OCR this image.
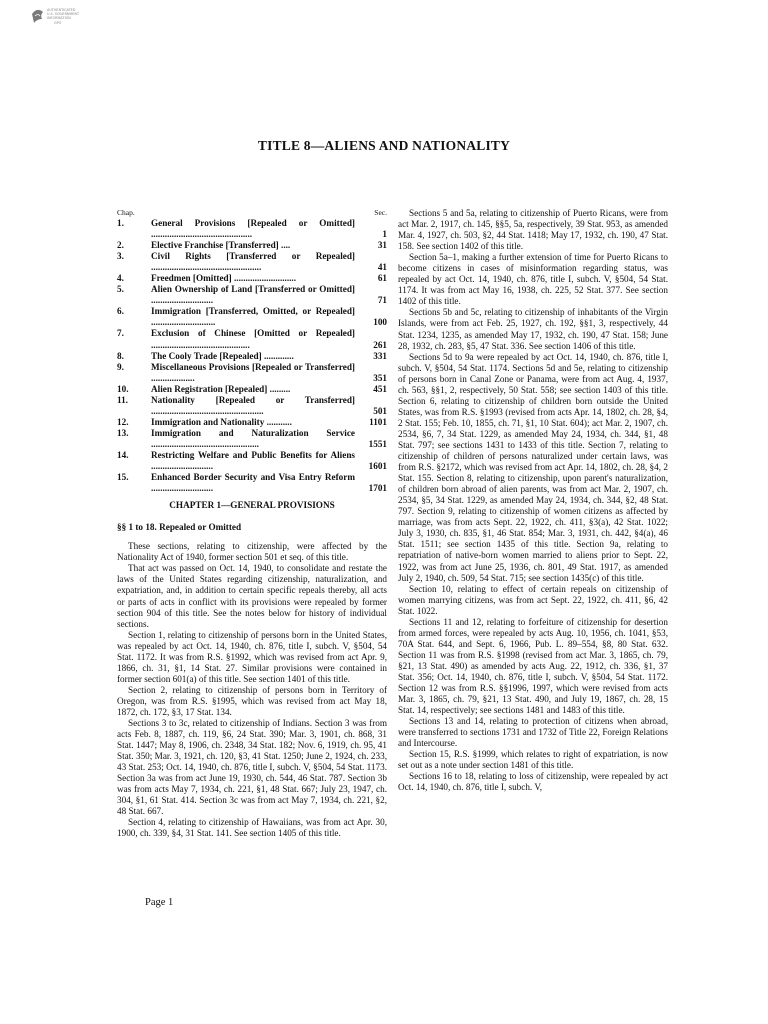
AUTHENTICATED
U.S. GOVERNMENT
INFORMATION
GPO
TITLE 8—ALIENS AND NATIONALITY
Chap.	Sec.
1.	General Provisions [Repealed or Omitted] ............................................	1
2.	Elective Franchise [Transferred] ....	31
3.	Civil Rights [Transferred or Repealed] ................................................	41
4.	Freedmen [Omitted] ...........................	61
5.	Alien Ownership of Land [Transferred or Omitted] ...........................	71
6.	Immigration [Transferred, Omitted, or Repealed] ............................	100
7.	Exclusion of Chinese [Omitted or Repealed] ...........................................	261
8.	The Cooly Trade [Repealed] .............	331
9.	Miscellaneous Provisions [Repealed or Transferred] ...................	351
10.	Alien Registration [Repealed] .........	451
11.	Nationality [Repealed or Transferred] .................................................	501
12.	Immigration and Nationality ...........	1101
13.	Immigration and Naturalization Service ...............................................	1551
14.	Restricting Welfare and Public Benefits for Aliens ...........................	1601
15.	Enhanced Border Security and Visa Entry Reform ...........................	1701
CHAPTER 1—GENERAL PROVISIONS
§§ 1 to 18. Repealed or Omitted

These sections, relating to citizenship, were affected by the Nationality Act of 1940, former section 501 et seq. of this title.

That act was passed on Oct. 14, 1940, to consolidate and restate the laws of the United States regarding citizenship, naturalization, and expatriation, and, in addition to certain specific repeals thereby, all acts or parts of acts in conflict with its provisions were repealed by former section 904 of this title. See the notes below for history of individual sections.

Section 1, relating to citizenship of persons born in the United States, was repealed by act Oct. 14, 1940, ch. 876, title I, subch. V, §504, 54 Stat. 1172. It was from R.S. §1992, which was revised from act Apr. 9, 1866, ch. 31, §1, 14 Stat. 27. Similar provisions were contained in former section 601(a) of this title. See section 1401 of this title.

Section 2, relating to citizenship of persons born in Territory of Oregon, was from R.S. §1995, which was revised from act May 18, 1872, ch. 172, §3, 17 Stat. 134.

Sections 3 to 3c, related to citizenship of Indians. Section 3 was from acts Feb. 8, 1887, ch. 119, §6, 24 Stat. 390; Mar. 3, 1901, ch. 868, 31 Stat. 1447; May 8, 1906, ch. 2348, 34 Stat. 182; Nov. 6, 1919, ch. 95, 41 Stat. 350; Mar. 3, 1921, ch. 120, §3, 41 Stat. 1250; June 2, 1924, ch. 233, 43 Stat. 253; Oct. 14, 1940, ch. 876, title I, subch. V, §504, 54 Stat. 1173. Section 3a was from act June 19, 1930, ch. 544, 46 Stat. 787. Section 3b was from acts May 7, 1934, ch. 221, §1, 48 Stat. 667; July 23, 1947, ch. 304, §1, 61 Stat. 414. Section 3c was from act May 7, 1934, ch. 221, §2, 48 Stat. 667.

Section 4, relating to citizenship of Hawaiians, was from act Apr. 30, 1900, ch. 339, §4, 31 Stat. 141. See section 1405 of this title.

Sections 5 and 5a, relating to citizenship of Puerto Ricans, were from act Mar. 2, 1917, ch. 145, §§5, 5a, respectively, 39 Stat. 953, as amended Mar. 4, 1927, ch. 503, §2, 44 Stat. 1418; May 17, 1932, ch. 190, 47 Stat. 158. See section 1402 of this title.

Section 5a–1, making a further extension of time for Puerto Ricans to become citizens in cases of misinformation regarding status, was repealed by act Oct. 14, 1940, ch. 876, title I, subch. V, §504, 54 Stat. 1174. It was from act May 16, 1938, ch. 225, 52 Stat. 377. See section 1402 of this title.

Sections 5b and 5c, relating to citizenship of inhabitants of the Virgin Islands, were from act Feb. 25, 1927, ch. 192, §§1, 3, respectively, 44 Stat. 1234, 1235, as amended May 17, 1932, ch. 190, 47 Stat. 158; June 28, 1932, ch. 283, §5, 47 Stat. 336. See section 1406 of this title.

Sections 5d to 9a were repealed by act Oct. 14, 1940, ch. 876, title I, subch. V, §504, 54 Stat. 1174. Sections 5d and 5e, relating to citizenship of persons born in Canal Zone or Panama, were from act Aug. 4, 1937, ch. 563, §§1, 2, respectively, 50 Stat. 558; see section 1403 of this title. Section 6, relating to citizenship of children born outside the United States, was from R.S. §1993 (revised from acts Apr. 14, 1802, ch. 28, §4, 2 Stat. 155; Feb. 10, 1855, ch. 71, §1, 10 Stat. 604); act Mar. 2, 1907, ch. 2534, §6, 7, 34 Stat. 1229, as amended May 24, 1934, ch. 344, §1, 48 Stat. 797; see sections 1431 to 1433 of this title. Section 7, relating to citizenship of children of persons naturalized under certain laws, was from R.S. §2172, which was revised from act Apr. 14, 1802, ch. 28, §4, 2 Stat. 155. Section 8, relating to citizenship, upon parent's naturalization, of children born abroad of alien parents, was from act Mar. 2, 1907, ch. 2534, §5, 34 Stat. 1229, as amended May 24, 1934, ch. 344, §2, 48 Stat. 797. Section 9, relating to citizenship of women citizens as affected by marriage, was from acts Sept. 22, 1922, ch. 411, §3(a), 42 Stat. 1022; July 3, 1930, ch. 835, §1, 46 Stat. 854; Mar. 3, 1931, ch. 442, §4(a), 46 Stat. 1511; see section 1435 of this title. Section 9a, relating to repatriation of native-born women married to aliens prior to Sept. 22, 1922, was from act June 25, 1936, ch. 801, 49 Stat. 1917, as amended July 2, 1940, ch. 509, 54 Stat. 715; see section 1435(c) of this title.

Section 10, relating to effect of certain repeals on citizenship of women marrying citizens, was from act Sept. 22, 1922, ch. 411, §6, 42 Stat. 1022.

Sections 11 and 12, relating to forfeiture of citizenship for desertion from armed forces, were repealed by acts Aug. 10, 1956, ch. 1041, §53, 70A Stat. 644, and Sept. 6, 1966, Pub. L. 89–554, §8, 80 Stat. 632. Section 11 was from R.S. §1998 (revised from act Mar. 3, 1865, ch. 79, §21, 13 Stat. 490) as amended by acts Aug. 22, 1912, ch. 336, §1, 37 Stat. 356; Oct. 14, 1940, ch. 876, title I, subch. V, §504, 54 Stat. 1172. Section 12 was from R.S. §§1996, 1997, which were revised from acts Mar. 3, 1865, ch. 79, §21, 13 Stat. 490, and July 19, 1867, ch. 28, 15 Stat. 14, respectively; see sections 1481 and 1483 of this title.

Sections 13 and 14, relating to protection of citizens when abroad, were transferred to sections 1731 and 1732 of Title 22, Foreign Relations and Intercourse.

Section 15, R.S. §1999, which relates to right of expatriation, is now set out as a note under section 1481 of this title.

Sections 16 to 18, relating to loss of citizenship, were repealed by act Oct. 14, 1940, ch. 876, title I, subch. V,

Page 1
